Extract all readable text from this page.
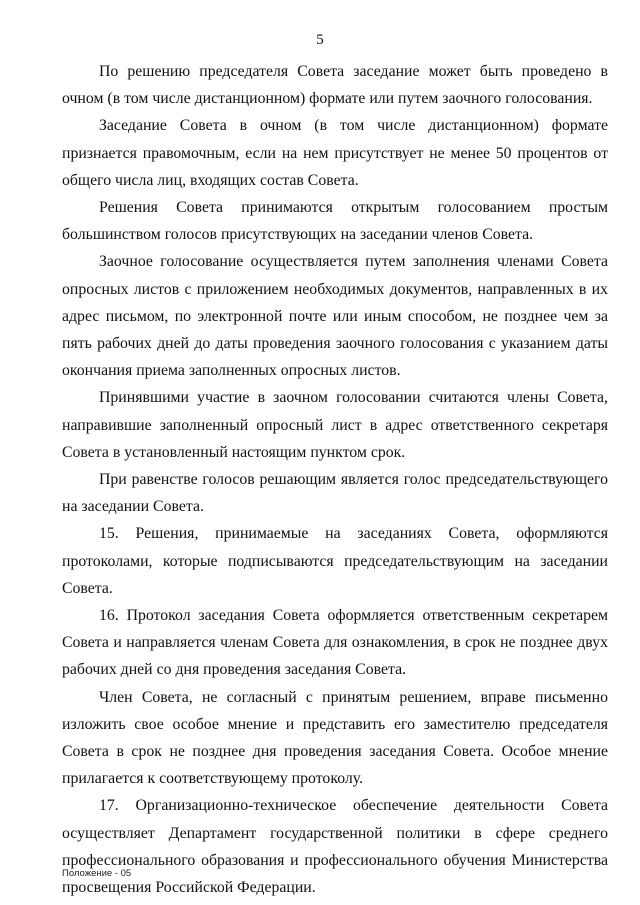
5

По решению председателя Совета заседание может быть проведено в очном (в том числе дистанционном) формате или путем заочного голосования.

Заседание Совета в очном (в том числе дистанционном) формате признается правомочным, если на нем присутствует не менее 50 процентов от общего числа лиц, входящих состав Совета.

Решения Совета принимаются открытым голосованием простым большинством голосов присутствующих на заседании членов Совета.

Заочное голосование осуществляется путем заполнения членами Совета опросных листов с приложением необходимых документов, направленных в их адрес письмом, по электронной почте или иным способом, не позднее чем за пять рабочих дней до даты проведения заочного голосования с указанием даты окончания приема заполненных опросных листов.

Принявшими участие в заочном голосовании считаются члены Совета, направившие заполненный опросный лист в адрес ответственного секретаря Совета в установленный настоящим пунктом срок.

При равенстве голосов решающим является голос председательствующего на заседании Совета.

15. Решения, принимаемые на заседаниях Совета, оформляются протоколами, которые подписываются председательствующим на заседании Совета.

16. Протокол заседания Совета оформляется ответственным секретарем Совета и направляется членам Совета для ознакомления, в срок не позднее двух рабочих дней со дня проведения заседания Совета.

Член Совета, не согласный с принятым решением, вправе письменно изложить свое особое мнение и представить его заместителю председателя Совета в срок не позднее дня проведения заседания Совета. Особое мнение прилагается к соответствующему протоколу.

17. Организационно-техническое обеспечение деятельности Совета осуществляет Департамент государственной политики в сфере среднего профессионального образования и профессионального обучения Министерства просвещения Российской Федерации.

Положение - 05
